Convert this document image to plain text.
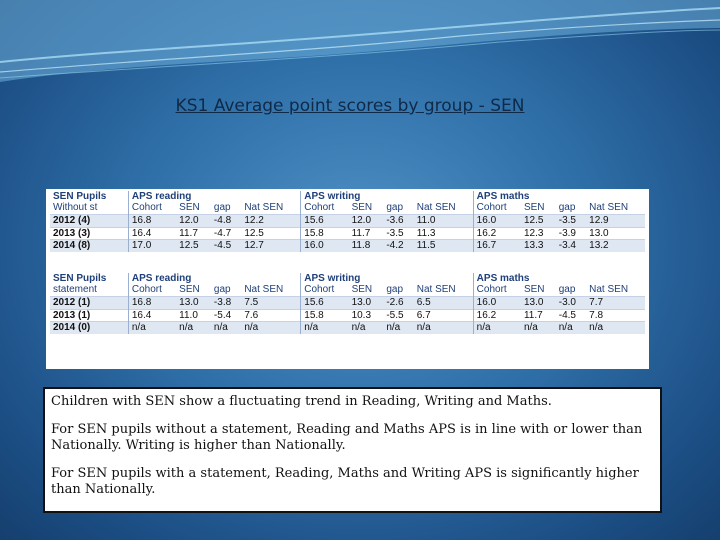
KS1 Average point scores by group - SEN
SEN Pupils	APS reading				APS writing				APS maths			
Without st	Cohort	SEN	gap	Nat SEN	Cohort	SEN	gap	Nat SEN	Cohort	SEN	gap	Nat SEN
2012 (4)	16.8	12.0	-4.8	12.2	15.6	12.0	-3.6	11.0	16.0	12.5	-3.5	12.9
2013 (3)	16.4	11.7	-4.7	12.5	15.8	11.7	-3.5	11.3	16.2	12.3	-3.9	13.0
2014 (8)	17.0	12.5	-4.5	12.7	16.0	11.8	-4.2	11.5	16.7	13.3	-3.4	13.2
SEN Pupils	APS reading				APS writing				APS maths			
statement	Cohort	SEN	gap	Nat SEN	Cohort	SEN	gap	Nat SEN	Cohort	SEN	gap	Nat SEN
2012 (1)	16.8	13.0	-3.8	7.5	15.6	13.0	-2.6	6.5	16.0	13.0	-3.0	7.7
2013 (1)	16.4	11.0	-5.4	7.6	15.8	10.3	-5.5	6.7	16.2	11.7	-4.5	7.8
2014 (0)	n/a	n/a	n/a	n/a	n/a	n/a	n/a	n/a	n/a	n/a	n/a	n/a

Children with SEN show a fluctuating trend in Reading, Writing and Maths.

For SEN pupils without a statement, Reading and Maths APS is in line with or lower than Nationally. Writing is higher than Nationally.

For SEN pupils with a statement, Reading, Maths and Writing APS is significantly higher than Nationally.
